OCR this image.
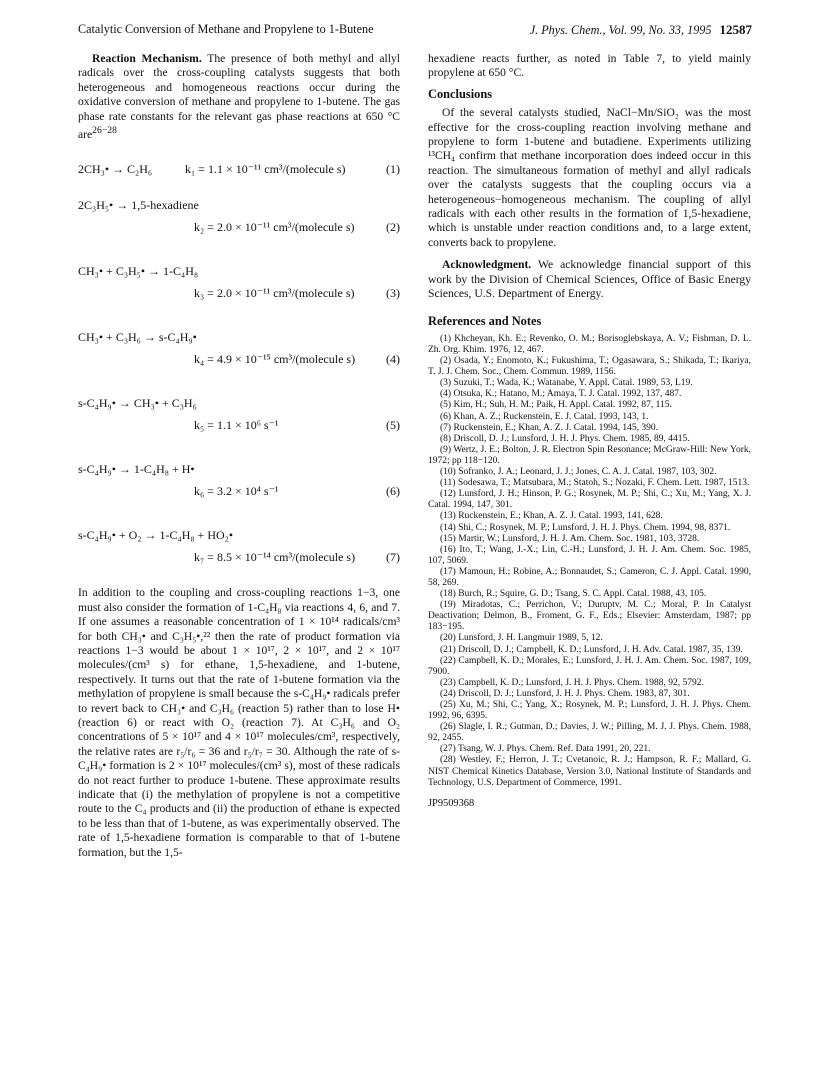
Catalytic Conversion of Methane and Propylene to 1-Butene	J. Phys. Chem., Vol. 99, No. 33, 1995 12587

Reaction Mechanism. The presence of both methyl and allyl radicals over the cross-coupling catalysts suggests that both heterogeneous and homogeneous reactions occur during the oxidative conversion of methane and propylene to 1-butene. The gas phase rate constants for the relevant gas phase reactions at 650 °C are$^{26-28}$

2CH₃• → C₂H₆	k₁ = 1.1 × 10⁻¹¹ cm³/(molecule s)	(1)
2C₃H₅• → 1,5-hexadiene
k₂ = 2.0 × 10⁻¹¹ cm³/(molecule s)	(2)
CH₃• + C₃H₅• → 1-C₄H₈
k₃ = 2.0 × 10⁻¹¹ cm³/(molecule s)	(3)
CH₃• + C₃H₆ → s-C₄H₉•
k₄ = 4.9 × 10⁻¹⁵ cm³/(molecule s)	(4)
s-C₄H₉• → CH₃• + C₃H₆
k₅ = 1.1 × 10⁶ s⁻¹	(5)
s-C₄H₉• → 1-C₄H₈ + H•
k₆ = 3.2 × 10⁴ s⁻¹	(6)
s-C₄H₉• + O₂ → 1-C₄H₈ + HO₂•
k₇ = 8.5 × 10⁻¹⁴ cm³/(molecule s)	(7)

In addition to the coupling and cross-coupling reactions 1−3, one must also consider the formation of 1-C₄H₈ via reactions 4, 6, and 7. If one assumes a reasonable concentration of 1 × 10¹⁴ radicals/cm³ for both CH₃• and C₃H₅•,²² then the rate of product formation via reactions 1−3 would be about 1 × 10¹⁷, 2 × 10¹⁷, and 2 × 10¹⁷ molecules/(cm³ s) for ethane, 1,5-hexadiene, and 1-butene, respectively. It turns out that the rate of 1-butene formation via the methylation of propylene is small because the s-C₄H₉• radicals prefer to revert back to CH₃• and C₃H₆ (reaction 5) rather than to lose H• (reaction 6) or react with O₂ (reaction 7). At C₃H₆ and O₂ concentrations of 5 × 10¹⁷ and 4 × 10¹⁷ molecules/cm³, respectively, the relative rates are r₅/r₆ = 36 and r₅/r₇ = 30. Although the rate of s-C₄H₉• formation is 2 × 10¹⁷ molecules/(cm³ s), most of these radicals do not react further to produce 1-butene. These approximate results indicate that (i) the methylation of propylene is not a competitive route to the C₄ products and (ii) the production of ethane is expected to be less than that of 1-butene, as was experimentally observed. The rate of 1,5-hexadiene formation is comparable to that of 1-butene formation, but the 1,5-

hexadiene reacts further, as noted in Table 7, to yield mainly propylene at 650 °C.

Conclusions

Of the several catalysts studied, NaCl−Mn/SiO₂ was the most effective for the cross-coupling reaction involving methane and propylene to form 1-butene and butadiene. Experiments utilizing ¹³CH₄ confirm that methane incorporation does indeed occur in this reaction. The simultaneous formation of methyl and allyl radicals over the catalysts suggests that the coupling occurs via a heterogeneous−homogeneous mechanism. The coupling of allyl radicals with each other results in the formation of 1,5-hexadiene, which is unstable under reaction conditions and, to a large extent, converts back to propylene.

Acknowledgment. We acknowledge financial support of this work by the Division of Chemical Sciences, Office of Basic Energy Sciences, U.S. Department of Energy.

References and Notes

(1) Khcheyan, Kh. E.; Revenko, O. M.; Borisoglebskaya, A. V.; Fishman, D. L. Zh. Org. Khim. 1976, 12, 467.

(2) Osada, Y.; Enomoto, K.; Fukushima, T.; Ogasawara, S.; Shikada, T.; Ikariya, T. J. J. Chem. Soc., Chem. Commun. 1989, 1156.

(3) Suzuki, T.; Wada, K.; Watanabe, Y. Appl. Catal. 1989, 53, L19.

(4) Otsuka, K.; Hatano, M.; Amaya, T. J. Catal. 1992, 137, 487.

(5) Kim, H.; Suh, H. M.; Paik, H. Appl. Catal. 1992, 87, 115.

(6) Khan, A. Z.; Ruckenstein, E. J. Catal. 1993, 143, 1.

(7) Ruckenstein, E.; Khan, A. Z. J. Catal. 1994, 145, 390.

(8) Driscoll, D. J.; Lunsford, J. H. J. Phys. Chem. 1985, 89, 4415.

(9) Wertz, J. E.; Bolton, J. R. Electron Spin Resonance; McGraw-Hill: New York, 1972; pp 118−120.

(10) Sofranko, J. A.; Leonard, J. J.; Jones, C. A. J. Catal. 1987, 103, 302.

(11) Sodesawa, T.; Matsubara, M.; Statoh, S.; Nozaki, F. Chem. Lett. 1987, 1513.

(12) Lunsford, J. H.; Hinson, P. G.; Rosynek, M. P.; Shi, C.; Xu, M.; Yang, X. J. Catal. 1994, 147, 301.

(13) Ruckenstein, E.; Khan, A. Z. J. Catal. 1993, 141, 628.

(14) Shi, C.; Rosynek, M. P.; Lunsford, J. H. J. Phys. Chem. 1994, 98, 8371.

(15) Martir, W.; Lunsford, J. H. J. Am. Chem. Soc. 1981, 103, 3728.

(16) Ito, T.; Wang, J.-X.; Lin, C.-H.; Lunsford, J. H. J. Am. Chem. Soc. 1985, 107, 5069.

(17) Mamoun, H.; Robine, A.; Bonnaudet, S.; Cameron, C. J. Appl. Catal. 1990, 58, 269.

(18) Burch, R.; Squire, G. D.; Tsang, S. C. Appl. Catal. 1988, 43, 105.

(19) Miradotas, C.; Perrichon, V.; Duruptv, M. C.; Moral, P. In Catalyst Deactivation; Delmon, B., Froment, G. F., Eds.; Elsevier: Amsterdam, 1987; pp 183−195.

(20) Lunsford, J. H. Langmuir 1989, 5, 12.

(21) Driscoll, D. J.; Campbell, K. D.; Lunsford, J. H. Adv. Catal. 1987, 35, 139.

(22) Campbell, K. D.; Morales, E.; Lunsford, J. H. J. Am. Chem. Soc. 1987, 109, 7900.

(23) Campbell, K. D.; Lunsford, J. H. J. Phys. Chem. 1988, 92, 5792.

(24) Driscoll, D. J.; Lunsford, J. H. J. Phys. Chem. 1983, 87, 301.

(25) Xu, M.; Shi, C.; Yang, X.; Rosynek, M. P.; Lunsford, J. H. J. Phys. Chem. 1992, 96, 6395.

(26) Slagle, I. R.; Gutman, D.; Davies, J. W.; Pilling, M. J. J. Phys. Chem. 1988, 92, 2455.

(27) Tsang, W. J. Phys. Chem. Ref. Data 1991, 20, 221.

(28) Westley, F.; Herron, J. T.; Cvetanoic, R. J.; Hampson, R. F.; Mallard, G. NIST Chemical Kinetics Database, Version 3.0, National Institute of Standards and Technology, U.S. Department of Commerce, 1991.

JP9509368
